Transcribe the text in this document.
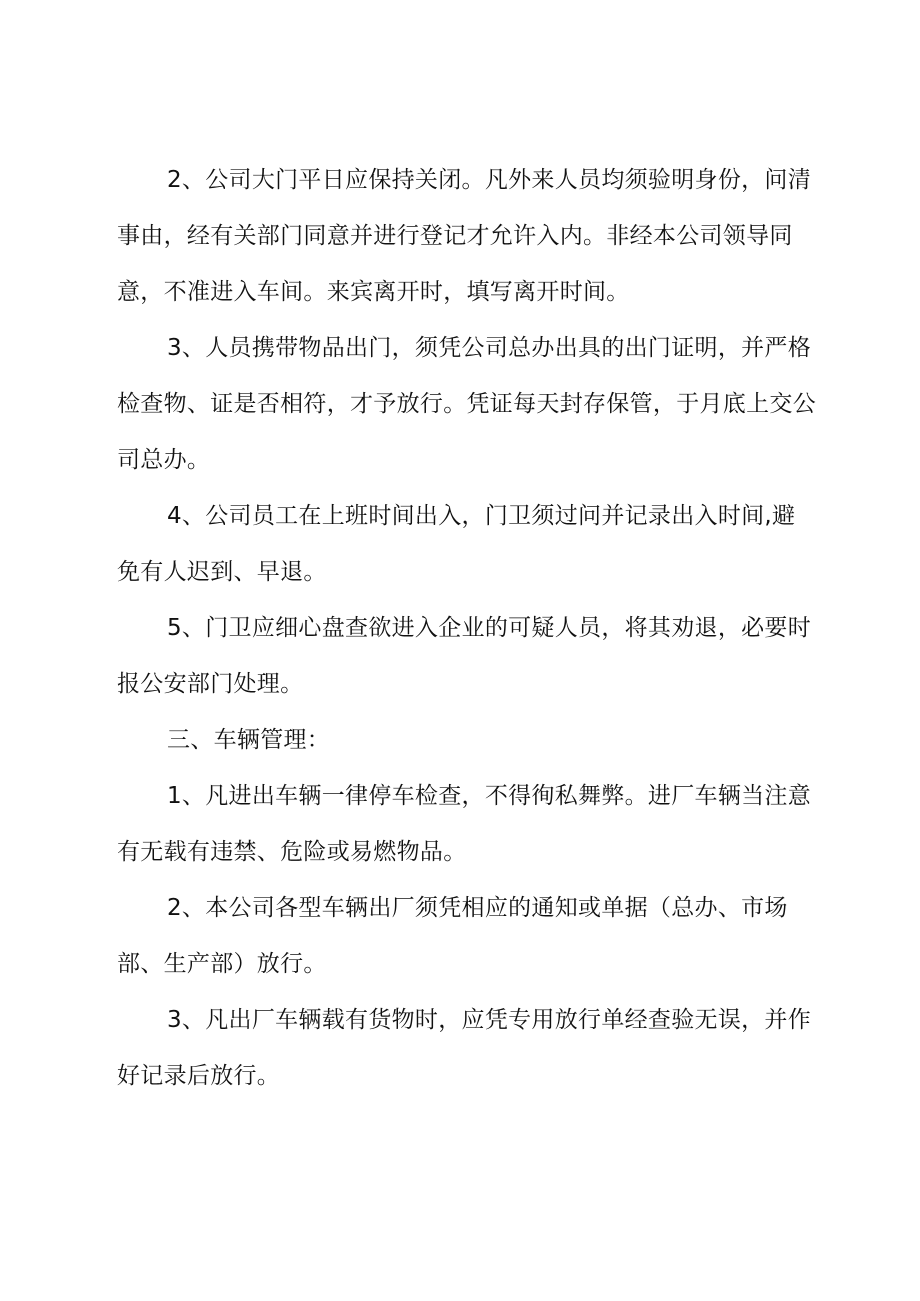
2、公司大门平日应保持关闭。凡外来人员均须验明身份，问清事由，经有关部门同意并进行登记才允许入内。非经本公司领导同意，不准进入车间。来宾离开时，填写离开时间。

3、人员携带物品出门，须凭公司总办出具的出门证明，并严格检查物、证是否相符，才予放行。凭证每天封存保管，于月底上交公司总办。

4、公司员工在上班时间出入，门卫须过问并记录出入时间,避免有人迟到、早退。

5、门卫应细心盘查欲进入企业的可疑人员，将其劝退，必要时报公安部门处理。

三、车辆管理：

1、凡进出车辆一律停车检查，不得徇私舞弊。进厂车辆当注意有无载有违禁、危险或易燃物品。

2、本公司各型车辆出厂须凭相应的通知或单据（总办、市场部、生产部）放行。

3、凡出厂车辆载有货物时，应凭专用放行单经查验无误，并作好记录后放行。
